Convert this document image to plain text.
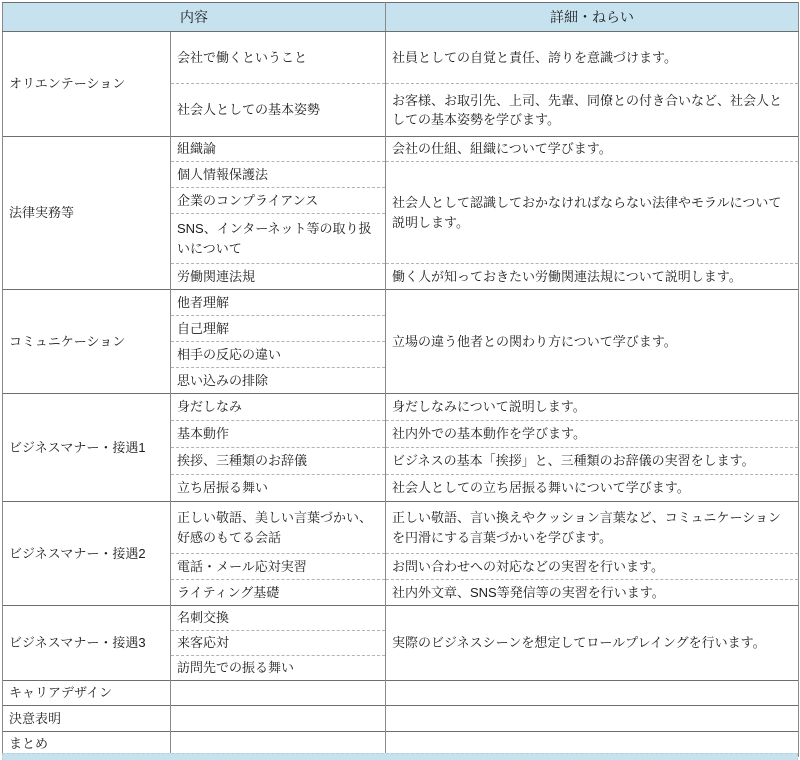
内容		詳細・ねらい
オリエンテーション	会社で働くということ	社員としての自覚と責任、誇りを意識づけます。
	社会人としての基本姿勢	お客様、お取引先、上司、先輩、同僚との付き合いなど、社会人としての基本姿勢を学びます。
法律実務等	組織論	会社の仕組、組織について学びます。
	個人情報保護法	社会人として認識しておかなければならない法律やモラルについて説明します。
	企業のコンプライアンス	
	SNS、インターネット等の取り扱いについて	
	労働関連法規	働く人が知っておきたい労働関連法規について説明します。
コミュニケーション	他者理解	立場の違う他者との関わり方について学びます。
	自己理解	
	相手の反応の違い	
	思い込みの排除	
ビジネスマナー・接遇1	身だしなみ	身だしなみについて説明します。
	基本動作	社内外での基本動作を学びます。
	挨拶、三種類のお辞儀	ビジネスの基本「挨拶」と、三種類のお辞儀の実習をします。
	立ち居振る舞い	社会人としての立ち居振る舞いについて学びます。
ビジネスマナー・接遇2	正しい敬語、美しい言葉づかい、好感のもてる会話	正しい敬語、言い換えやクッション言葉など、コミュニケーションを円滑にする言葉づかいを学びます。
	電話・メール応対実習	お問い合わせへの対応などの実習を行います。
	ライティング基礎	社内外文章、SNS等発信等の実習を行います。
ビジネスマナー・接遇3	名刺交換	実際のビジネスシーンを想定してロールプレイングを行います。
	来客応対	
	訪問先での振る舞い	
キャリアデザイン		
決意表明		
まとめ		
